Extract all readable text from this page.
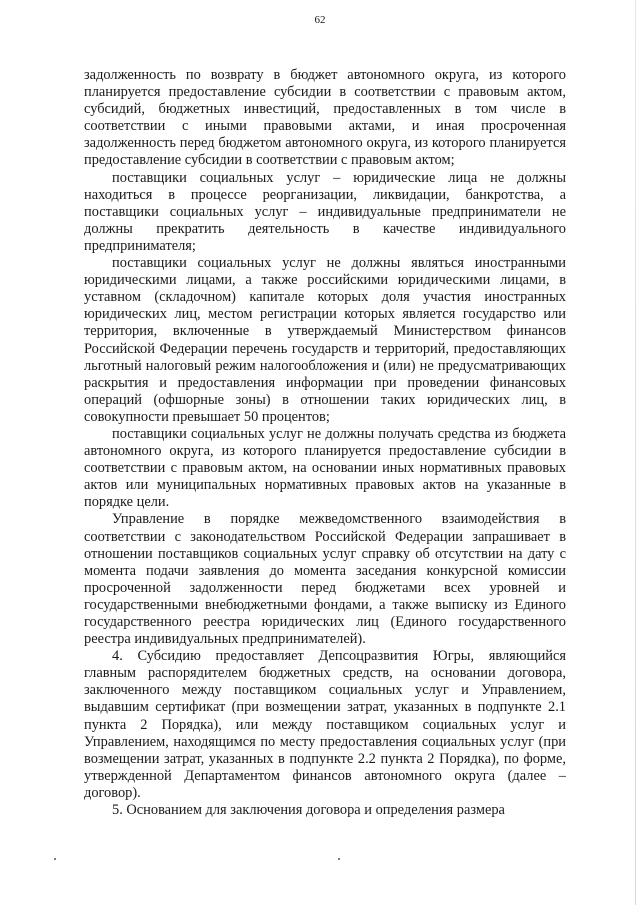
62

задолженность по возврату в бюджет автономного округа, из которого планируется предоставление субсидии в соответствии с правовым актом, субсидий, бюджетных инвестиций, предоставленных в том числе в соответствии с иными правовыми актами, и иная просроченная задолженность перед бюджетом автономного округа, из которого планируется предоставление субсидии в соответствии с правовым актом;

поставщики социальных услуг – юридические лица не должны находиться в процессе реорганизации, ликвидации, банкротства, а поставщики социальных услуг – индивидуальные предприниматели не должны прекратить деятельность в качестве индивидуального предпринимателя;

поставщики социальных услуг не должны являться иностранными юридическими лицами, а также российскими юридическими лицами, в уставном (складочном) капитале которых доля участия иностранных юридических лиц, местом регистрации которых является государство или территория, включенные в утверждаемый Министерством финансов Российской Федерации перечень государств и территорий, предоставляющих льготный налоговый режим налогообложения и (или) не предусматривающих раскрытия и предоставления информации при проведении финансовых операций (офшорные зоны) в отношении таких юридических лиц, в совокупности превышает 50 процентов;

поставщики социальных услуг не должны получать средства из бюджета автономного округа, из которого планируется предоставление субсидии в соответствии с правовым актом, на основании иных нормативных правовых актов или муниципальных нормативных правовых актов на указанные в порядке цели.

Управление в порядке межведомственного взаимодействия в соответствии с законодательством Российской Федерации запрашивает в отношении поставщиков социальных услуг справку об отсутствии на дату с момента подачи заявления до момента заседания конкурсной комиссии просроченной задолженности перед бюджетами всех уровней и государственными внебюджетными фондами, а также выписку из Единого государственного реестра юридических лиц (Единого государственного реестра индивидуальных предпринимателей).

4. Субсидию предоставляет Депсоцразвития Югры, являющийся главным распорядителем бюджетных средств, на основании договора, заключенного между поставщиком социальных услуг и Управлением, выдавшим сертификат (при возмещении затрат, указанных в подпункте 2.1 пункта 2 Порядка), или между поставщиком социальных услуг и Управлением, находящимся по месту предоставления социальных услуг (при возмещении затрат, указанных в подпункте 2.2 пункта 2 Порядка), по форме, утвержденной Департаментом финансов автономного округа (далее – договор).

5. Основанием для заключения договора и определения размера
